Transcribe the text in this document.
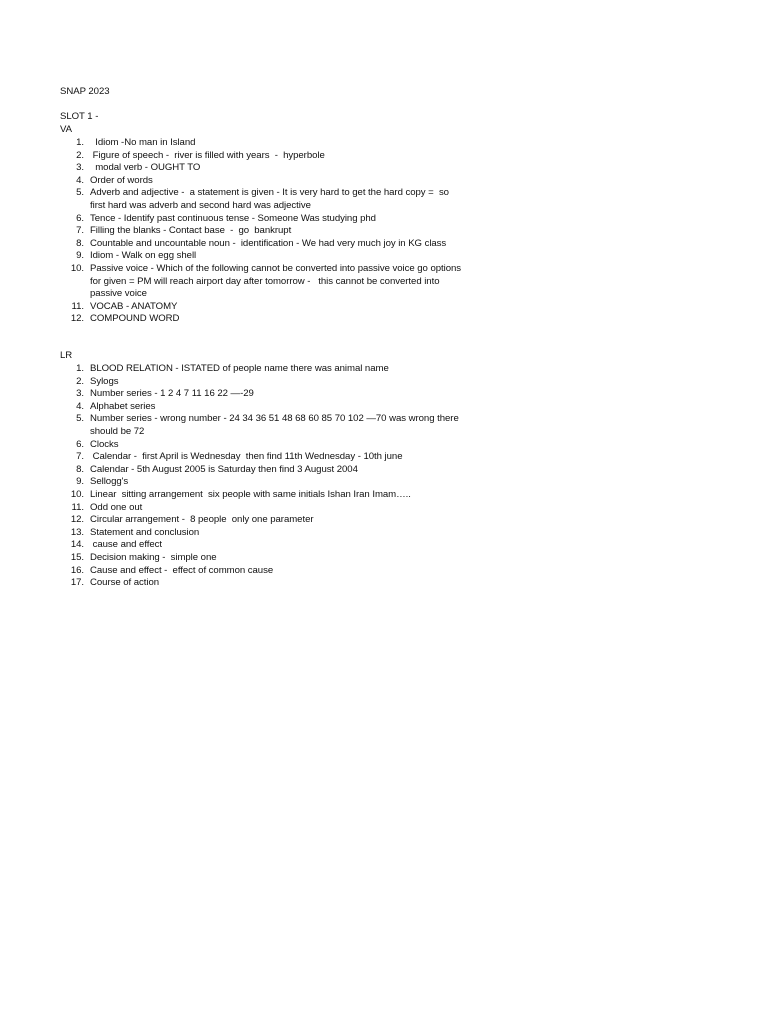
SNAP 2023
SLOT 1 -
VA
1. Idiom -No man in Island
2. Figure of speech -  river is filled with years  -  hyperbole
3. modal verb - OUGHT TO
4. Order of words
5. Adverb and adjective -  a statement is given - It is very hard to get the hard copy =  so
first hard was adverb and second hard was adjective
6. Tence - Identify past continuous tense - Someone Was studying phd
7. Filling the blanks - Contact base  -  go  bankrupt
8. Countable and uncountable noun -  identification - We had very much joy in KG class
9. Idiom - Walk on egg shell
10. Passive voice - Which of the following cannot be converted into passive voice go options
for given = PM will reach airport day after tomorrow -   this cannot be converted into
passive voice
11. VOCAB - ANATOMY
12. COMPOUND WORD
LR
1. BLOOD RELATION - ISTATED of people name there was animal name
2. Sylogs
3. Number series - 1 2 4 7 11 16 22 —-29
4. Alphabet series
5. Number series - wrong number - 24 34 36 51 48 68 60 85 70 102 —70 was wrong there
should be 72
6. Clocks
7. Calendar -  first April is Wednesday  then find 11th Wednesday - 10th june
8. Calendar - 5th August 2005 is Saturday then find 3 August 2004
9. Sellogg's
10. Linear  sitting arrangement  six people with same initials Ishan Iran Imam…..
11. Odd one out
12. Circular arrangement -  8 people  only one parameter
13. Statement and conclusion
14. cause and effect
15. Decision making -  simple one
16. Cause and effect -  effect of common cause
17. Course of action
